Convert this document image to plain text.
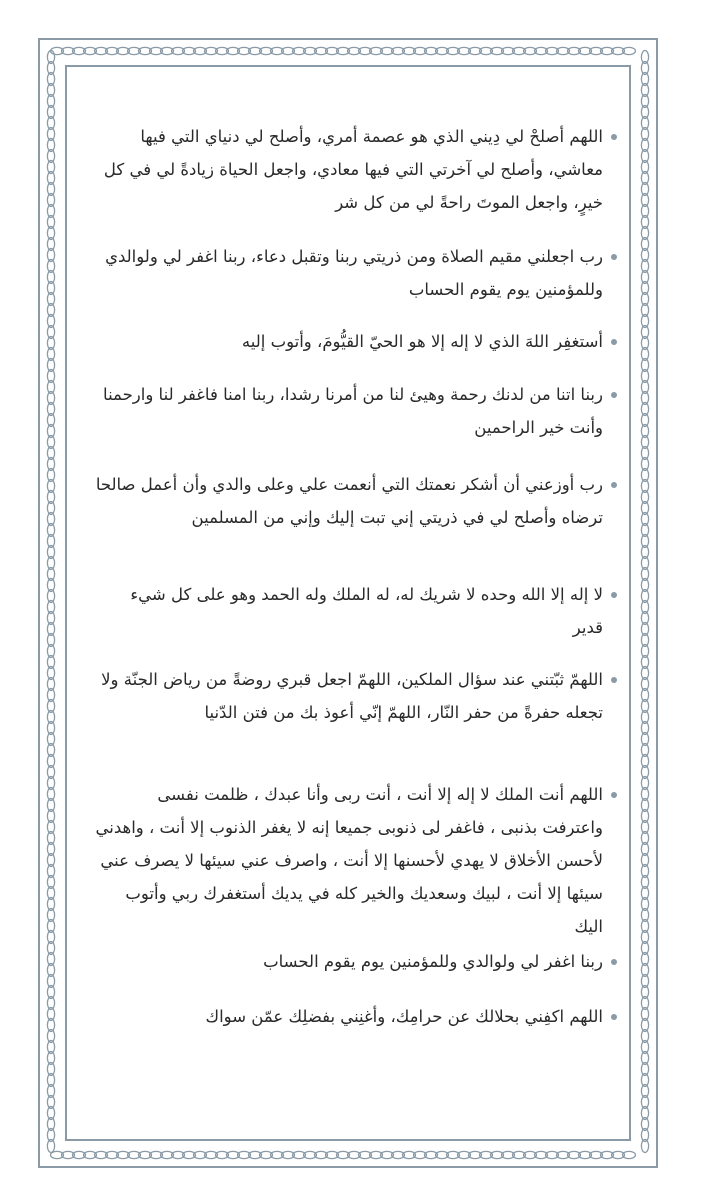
اللهم أصلحْ لي دِيني الذي هو عصمة أمري، وأصلح لي دنياي التي فيها معاشي، وأصلح لي آخرتي التي فيها معادي، واجعل الحياة زيادةً لي في كل خيرٍ، واجعل الموتَ راحةً لي من كل شر
رب اجعلني مقيم الصلاة ومن ذريتي ربنا وتقبل دعاء، ربنا اغفر لي ولوالدي وللمؤمنين يوم يقوم الحساب
أستغفِر اللهَ الذي لا إله إلا هو الحيّ القيُّومَ، وأتوب إليه
ربنا اتنا من لدنك رحمة وهيئ لنا من أمرنا رشدا، ربنا امنا فاغفر لنا وارحمنا وأنت خير الراحمين
رب أوزعني أن أشكر نعمتك التي أنعمت علي وعلى والدي وأن أعمل صالحا ترضاه وأصلح لي في ذريتي إني تبت إليك وإني من المسلمين
لا إله إلا الله وحده لا شريك له، له الملك وله الحمد وهو على كل شيء قدير
اللهمّ ثبّتني عند سؤال الملكين، اللهمّ اجعل قبري روضةً من رياض الجنّة ولا تجعله حفرةً من حفر النّار، اللهمّ إنّي أعوذ بك من فتن الدّنيا
اللهم أنت الملك لا إله إلا أنت ، أنت ربى وأنا عبدك ، ظلمت نفسى واعترفت بذنبى ، فاغفر لى ذنوبى جميعا إنه لا يغفر الذنوب إلا أنت ، واهدني لأحسن الأخلاق لا يهدي لأحسنها إلا أنت ، واصرف عني سيئها لا يصرف عني سيئها إلا أنت ، لبيك وسعديك والخير كله في يديك أستغفرك ربي وأتوب اليك
ربنا اغفر لي ولوالدي وللمؤمنين يوم يقوم الحساب
اللهم اكفِني بحلالك عن حرامِك، وأغنِني بفضلِك عمّن سواك
